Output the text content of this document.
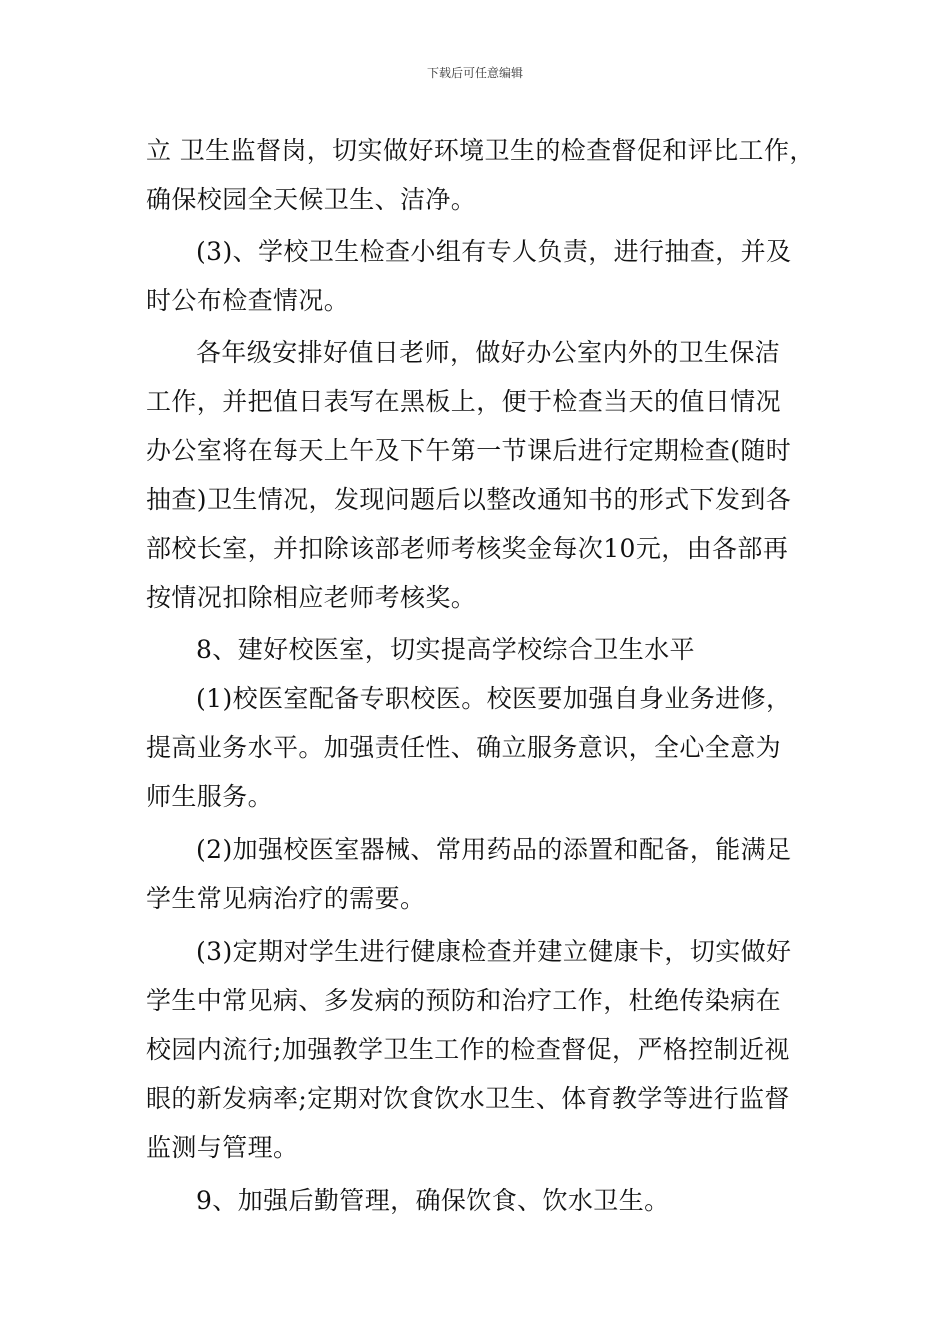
下载后可任意编辑
立 卫生监督岗，切实做好环境卫生的检查督促和评比工作，
确保校园全天候卫生、洁净。
(3)、学校卫生检查小组有专人负责，进行抽查，并及
时公布检查情况。
各年级安排好值日老师，做好办公室内外的卫生保洁
工作，并把值日表写在黑板上，便于检查当天的值日情况
办公室将在每天上午及下午第一节课后进行定期检查(随时
抽查)卫生情况，发现问题后以整改通知书的形式下发到各
部校长室，并扣除该部老师考核奖金每次10元，由各部再
按情况扣除相应老师考核奖。
8、建好校医室，切实提高学校综合卫生水平
(1)校医室配备专职校医。校医要加强自身业务进修，
提高业务水平。加强责任性、确立服务意识，全心全意为
师生服务。
(2)加强校医室器械、常用药品的添置和配备，能满足
学生常见病治疗的需要。
(3)定期对学生进行健康检查并建立健康卡，切实做好
学生中常见病、多发病的预防和治疗工作，杜绝传染病在
校园内流行;加强教学卫生工作的检查督促，严格控制近视
眼的新发病率;定期对饮食饮水卫生、体育教学等进行监督
监测与管理。
9、加强后勤管理，确保饮食、饮水卫生。
